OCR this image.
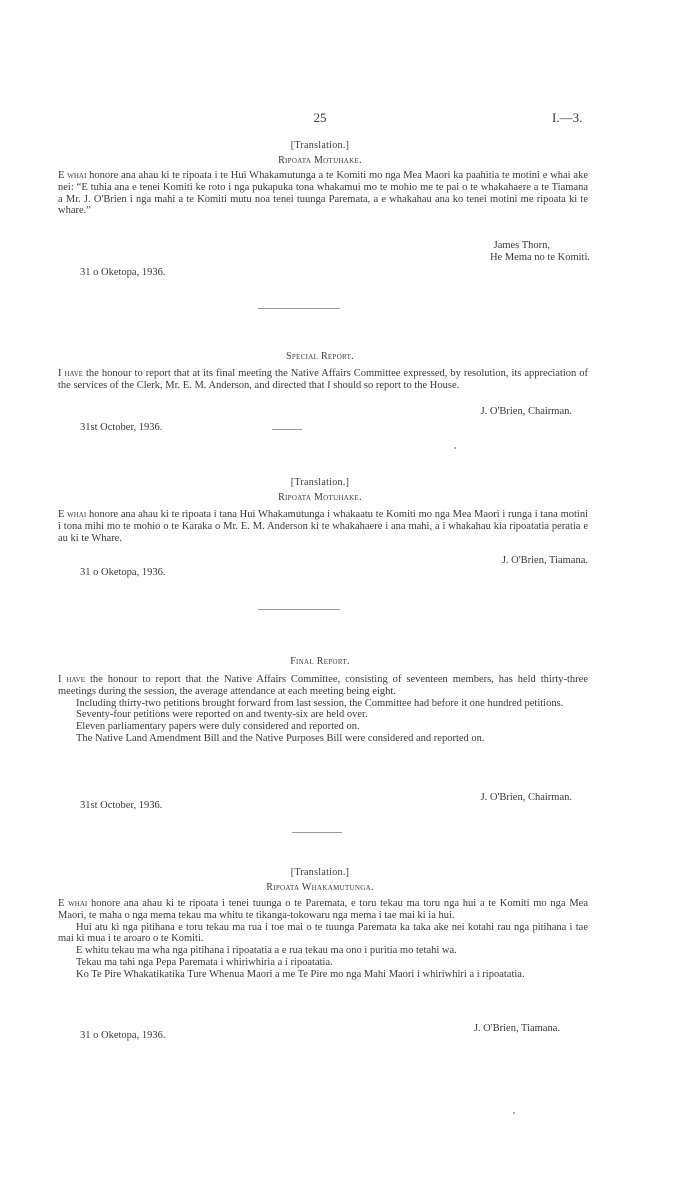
25	I.—3.
[Translation.]
Ripoata Motuhake.
E whai honore ana ahau ki te ripoata i te Hui Whakamutunga a te Komiti mo nga Mea Maori ka paahitia te motini e whai ake nei: “E tuhia ana e tenei Komiti ke roto i nga pukapuka tona whakamui mo te mohio me te pai o te whakahaere a te Tiamana a Mr. J. O'Brien i nga mahi a te Komiti mutu noa tenei tuunga Paremata, a e whakahau ana ko tenei motini me ripoata ki te whare.”
James Thorn,
He Mema no te Komiti.
31 o Oketopa, 1936.
Special Report.
I have the honour to report that at its final meeting the Native Affairs Committee expressed, by resolution, its appreciation of the services of the Clerk, Mr. E. M. Anderson, and directed that I should so report to the House.
J. O'Brien, Chairman.
31st October, 1936.
[Translation.]
Ripoata Motuhake.
E whai honore ana ahau ki te ripoata i tana Hui Whakamutunga i whakaatu te Komiti mo nga Mea Maori i runga i tana motini i tona mihi mo te mohio o te Karaka o Mr. E. M. Anderson ki te whakahaere i ana mahi, a i whakahau kia ripoatatia peratia e au ki te Whare.
J. O'Brien, Tiamana.
31 o Oketopa, 1936.
Final Report.
I have the honour to report that the Native Affairs Committee, consisting of seventeen members, has held thirty-three meetings during the session, the average attendance at each meeting being eight.

Including thirty-two petitions brought forward from last session, the Committee had before it one hundred petitions.

Seventy-four petitions were reported on and twenty-six are held over.

Eleven parliamentary papers were duly considered and reported on.

The Native Land Amendment Bill and the Native Purposes Bill were considered and reported on.

J. O'Brien, Chairman.
31st October, 1936.
[Translation.]
Ripoata Whakamutunga.
E whai honore ana ahau ki te ripoata i tenei tuunga o te Paremata, e toru tekau ma toru nga hui a te Komiti mo nga Mea Maori, te maha o nga mema tekau ma whitu te tikanga-tokowaru nga mema i tae mai ki ia hui.

Hui atu ki nga pitihana e toru tekau ma rua i toe mai o te tuunga Paremata ka taka ake nei kotahi rau nga pitihana i tae mai ki mua i te aroaro o te Komiti.

E whitu tekau ma wha nga pitihana i ripoatatia a e rua tekau ma ono i puritia mo tetahi wa.

Tekau ma tahi nga Pepa Paremata i whiriwhiria a i ripoatatia.

Ko Te Pire Whakatikatika Ture Whenua Maori a me Te Pire mo nga Mahi Maori i whiriwhiri a i ripoatatia.

J. O'Brien, Tiamana.
31 o Oketopa, 1936.
